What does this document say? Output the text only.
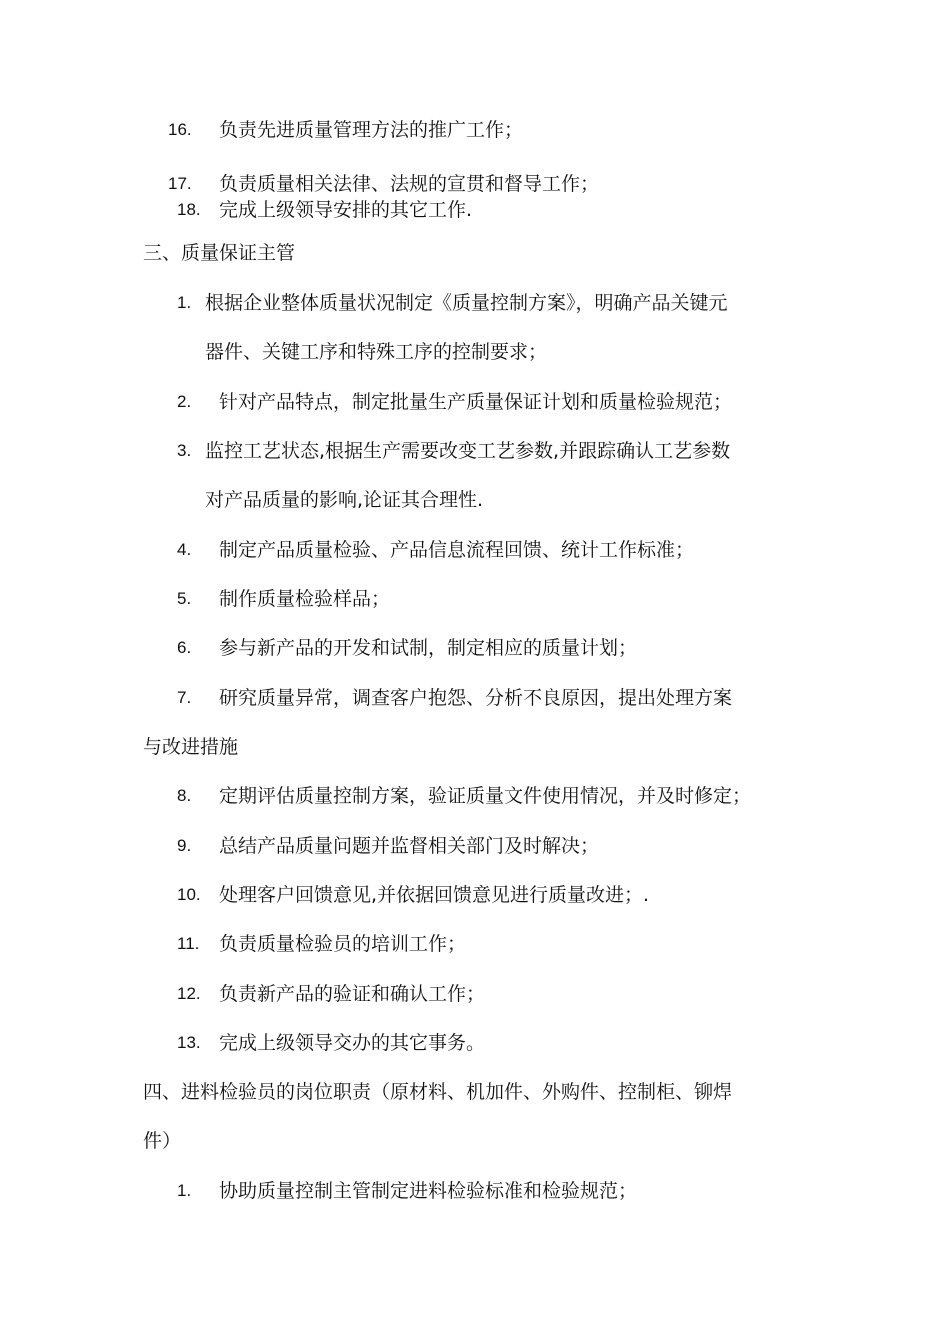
16. 负责先进质量管理方法的推广工作；
17. 负责质量相关法律、法规的宣贯和督导工作；
18. 完成上级领导安排的其它工作.
三、质量保证主管
1. 根据企业整体质量状况制定《质量控制方案》，明确产品关键元
器件、关键工序和特殊工序的控制要求；
2. 针对产品特点，制定批量生产质量保证计划和质量检验规范；
3. 监控工艺状态,根据生产需要改变工艺参数,并跟踪确认工艺参数
对产品质量的影响,论证其合理性.
4. 制定产品质量检验、产品信息流程回馈、统计工作标准；
5. 制作质量检验样品；
6. 参与新产品的开发和试制，制定相应的质量计划；
7. 研究质量异常，调查客户抱怨、分析不良原因，提出处理方案
与改进措施
8. 定期评估质量控制方案，验证质量文件使用情况，并及时修定；
9. 总结产品质量问题并监督相关部门及时解决；
10. 处理客户回馈意见,并依据回馈意见进行质量改进；.
11. 负责质量检验员的培训工作；
12. 负责新产品的验证和确认工作；
13. 完成上级领导交办的其它事务。
四、进料检验员的岗位职责（原材料、机加件、外购件、控制柜、铆焊
件）
1. 协助质量控制主管制定进料检验标准和检验规范；
